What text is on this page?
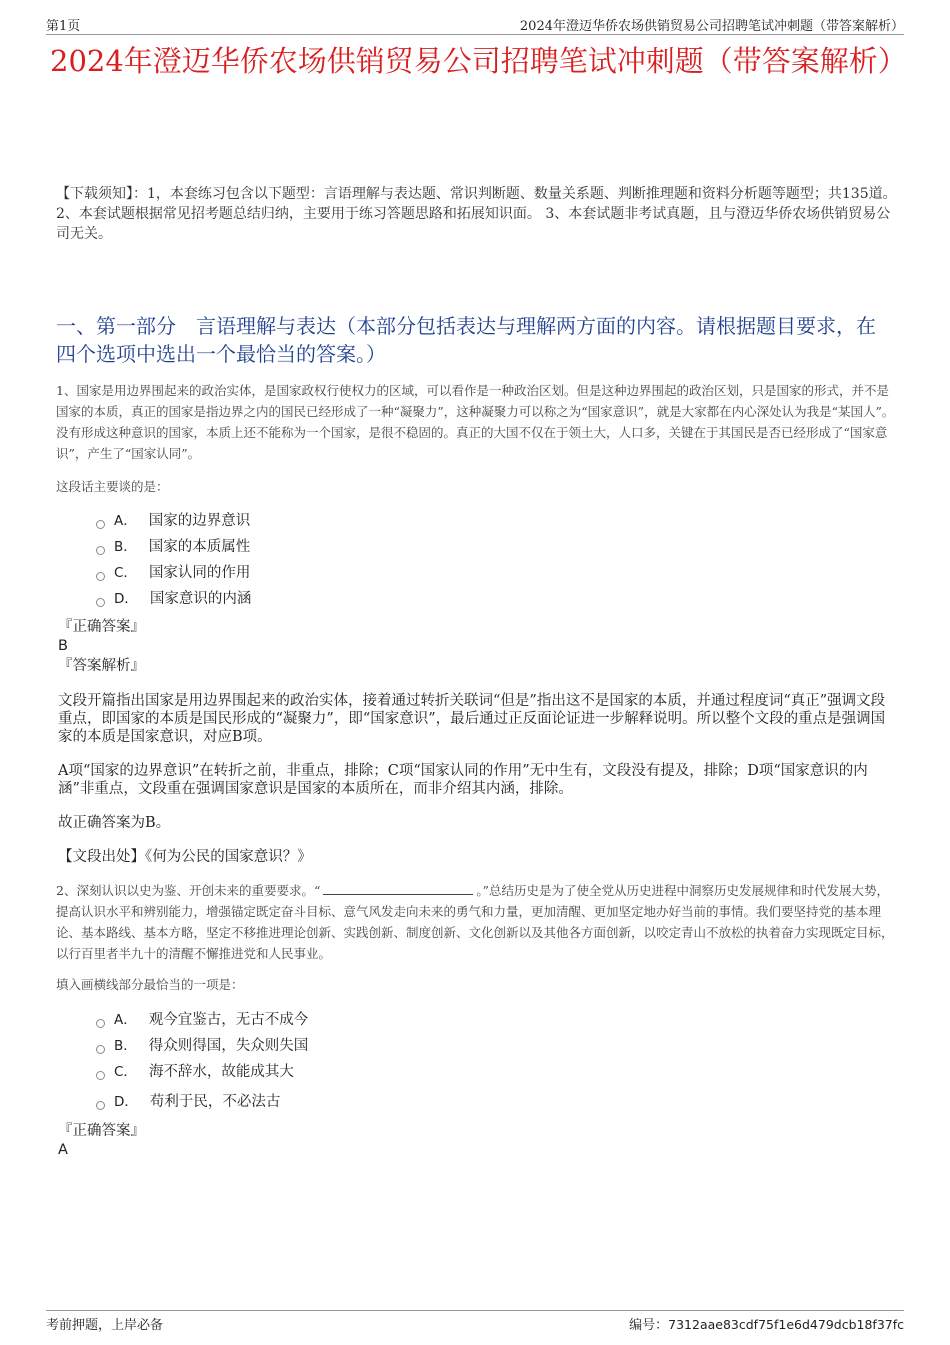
第1页	2024年澄迈华侨农场供销贸易公司招聘笔试冲刺题（带答案解析）
2024年澄迈华侨农场供销贸易公司招聘笔试冲刺题（带答案解析）
【下载须知】：1，本套练习包含以下题型：言语理解与表达题、常识判断题、数量关系题、判断推理题和资料分析题等题型；共135道。 2、本套试题根据常见招考题总结归纳，主要用于练习答题思路和拓展知识面。 3、本套试题非考试真题，且与澄迈华侨农场供销贸易公司无关。
一、第一部分　言语理解与表达（本部分包括表达与理解两方面的内容。请根据题目要求，在四个选项中选出一个最恰当的答案。）
1、国家是用边界围起来的政治实体，是国家政权行使权力的区域，可以看作是一种政治区划。但是这种边界围起的政治区划，只是国家的形式，并不是国家的本质，真正的国家是指边界之内的国民已经形成了一种“凝聚力”，这种凝聚力可以称之为“国家意识”，就是大家都在内心深处认为我是“某国人”。没有形成这种意识的国家，本质上还不能称为一个国家，是很不稳固的。真正的大国不仅在于领土大，人口多，关键在于其国民是否已经形成了“国家意识”，产生了“国家认同”。
这段话主要谈的是：
A． 国家的边界意识
B． 国家的本质属性
C． 国家认同的作用
D． 国家意识的内涵
『正确答案』
B
『答案解析』
文段开篇指出国家是用边界围起来的政治实体，接着通过转折关联词“但是”指出这不是国家的本质，并通过程度词“真正”强调文段重点，即国家的本质是国民形成的“凝聚力”，即“国家意识”，最后通过正反面论证进一步解释说明。所以整个文段的重点是强调国家的本质是国家意识，对应B项。
A项“国家的边界意识”在转折之前，非重点，排除；C项“国家认同的作用”无中生有，文段没有提及，排除；D项“国家意识的内涵”非重点，文段重在强调国家意识是国家的本质所在，而非介绍其内涵，排除。
故正确答案为B。
【文段出处】《何为公民的国家意识？》
2、深刻认识以史为鉴、开创未来的重要要求。“	。”总结历史是为了使全党从历史进程中洞察历史发展规律和时代发展大势，提高认识水平和辨别能力，增强锚定既定奋斗目标、意气风发走向未来的勇气和力量，更加清醒、更加坚定地办好当前的事情。我们要坚持党的基本理论、基本路线、基本方略，坚定不移推进理论创新、实践创新、制度创新、文化创新以及其他各方面创新，以咬定青山不放松的执着奋力实现既定目标，以行百里者半九十的清醒不懈推进党和人民事业。
填入画横线部分最恰当的一项是：
A． 观今宜鉴古，无古不成今
B． 得众则得国，失众则失国
C． 海不辞水，故能成其大
D． 苟利于民，不必法古
『正确答案』
A
考前押题，上岸必备	编号：7312aae83cdf75f1e6d479dcb18f37fc
